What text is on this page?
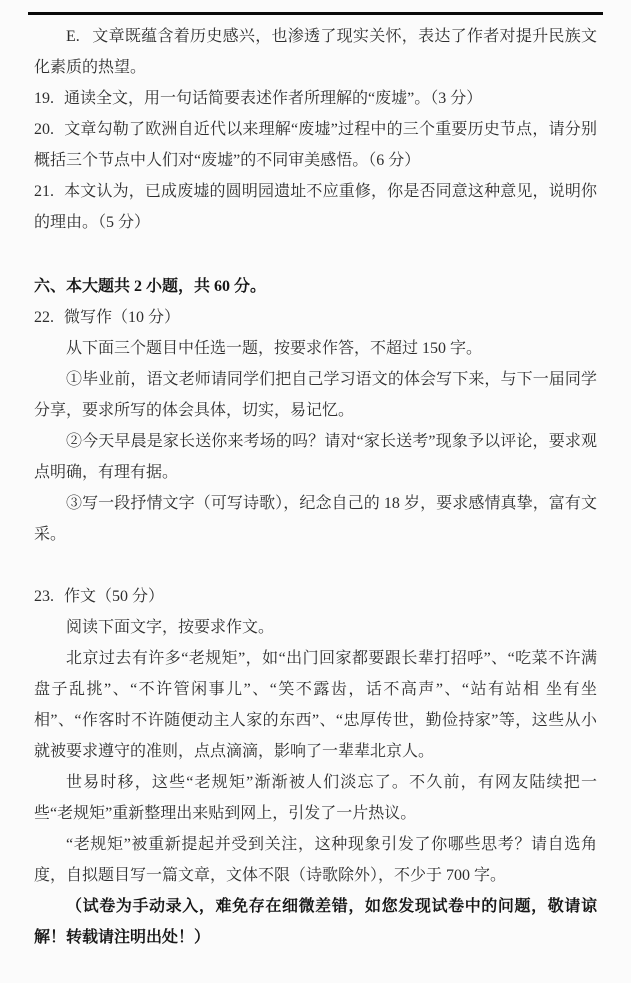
E. 文章既蕴含着历史感兴，也渗透了现实关怀，表达了作者对提升民族文化素质的热望。

19. 通读全文，用一句话简要表述作者所理解的“废墟”。（3 分）

20. 文章勾勒了欧洲自近代以来理解“废墟”过程中的三个重要历史节点，请分别概括三个节点中人们对“废墟”的不同审美感悟。（6 分）

21. 本文认为，已成废墟的圆明园遗址不应重修，你是否同意这种意见，说明你的理由。（5 分）

六、本大题共 2 小题，共 60 分。

22. 微写作（10 分）

从下面三个题目中任选一题，按要求作答，不超过 150 字。

①毕业前，语文老师请同学们把自己学习语文的体会写下来，与下一届同学分享，要求所写的体会具体，切实，易记忆。

②今天早晨是家长送你来考场的吗？请对“家长送考”现象予以评论，要求观点明确，有理有据。

③写一段抒情文字（可写诗歌），纪念自己的 18 岁，要求感情真挚，富有文采。

23. 作文（50 分）

阅读下面文字，按要求作文。

北京过去有许多“老规矩”，如“出门回家都要跟长辈打招呼”、“吃菜不许满盘子乱挑”、“不许管闲事儿”、“笑不露齿，话不高声”、“站有站相 坐有坐相”、“作客时不许随便动主人家的东西”、“忠厚传世，勤俭持家”等，这些从小就被要求遵守的准则，点点滴滴，影响了一辈辈北京人。

世易时移，这些“老规矩”渐渐被人们淡忘了。不久前，有网友陆续把一些“老规矩”重新整理出来贴到网上，引发了一片热议。

“老规矩”被重新提起并受到关注，这种现象引发了你哪些思考？请自选角度，自拟题目写一篇文章，文体不限（诗歌除外），不少于 700 字。

（试卷为手动录入，难免存在细微差错，如您发现试卷中的问题，敬请谅解！转载请注明出处！）
